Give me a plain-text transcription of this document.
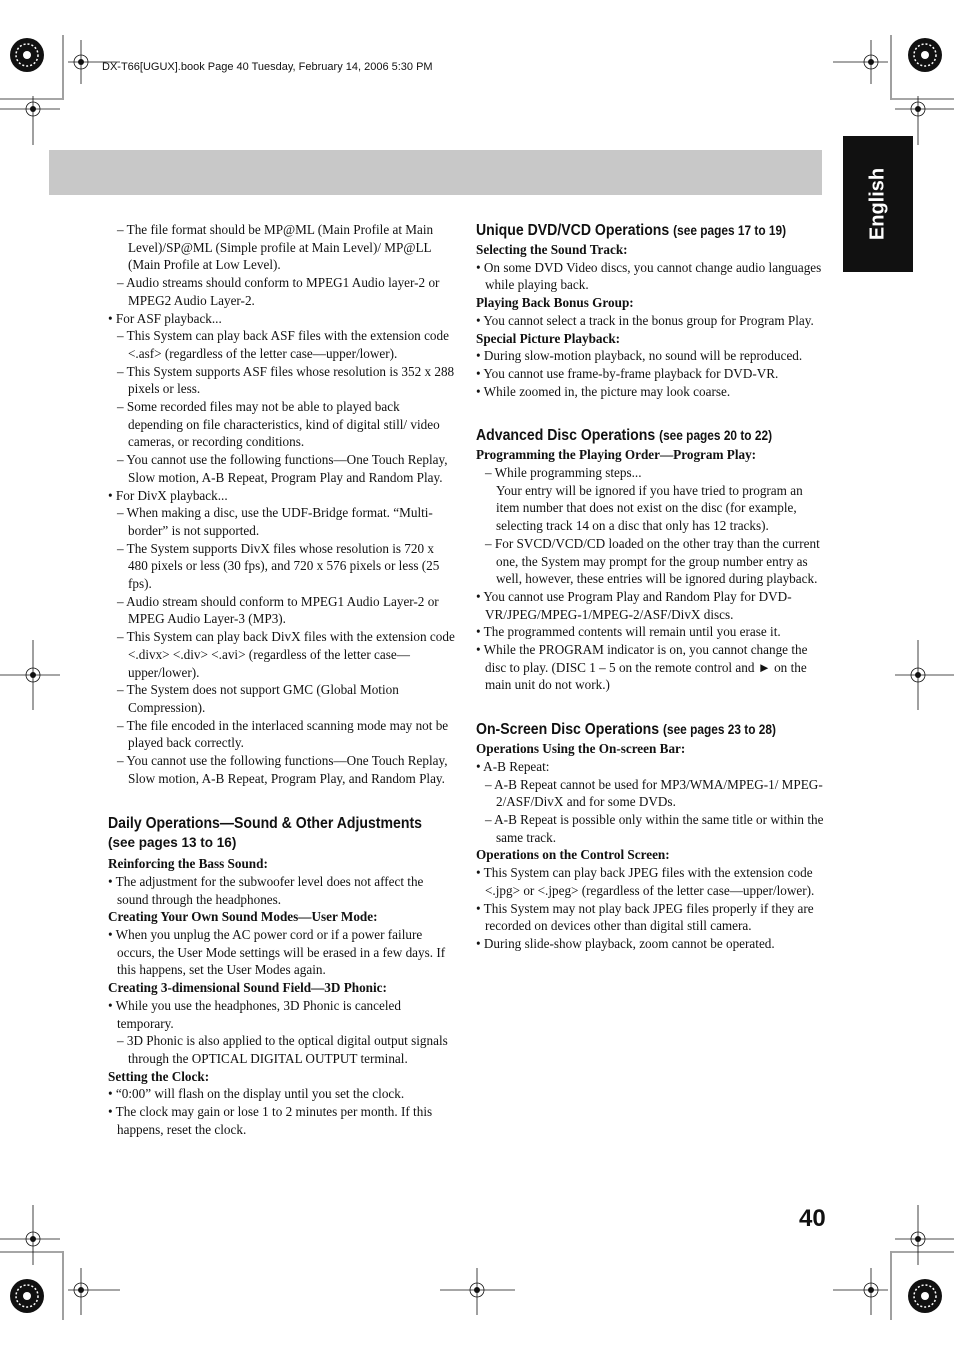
DX-T66[UGUX].book Page 40 Tuesday, February 14, 2006 5:30 PM
English

– The file format should be MP@ML (Main Profile at Main Level)/SP@ML (Simple profile at Main Level)/ MP@LL (Main Profile at Low Level).

– Audio streams should conform to MPEG1 Audio layer-2 or MPEG2 Audio Layer-2.

• For ASF playback...

– This System can play back ASF files with the extension code <.asf> (regardless of the letter case—upper/lower).

– This System supports ASF files whose resolution is 352 x 288 pixels or less.

– Some recorded files may not be able to played back depending on file characteristics, kind of digital still/ video cameras, or recording conditions.

– You cannot use the following functions—One Touch Replay, Slow motion, A-B Repeat, Program Play and Random Play.

• For DivX playback...

– When making a disc, use the UDF-Bridge format. “Multi-border” is not supported.

– The System supports DivX files whose resolution is 720 x 480 pixels or less (30 fps), and 720 x 576 pixels or less (25 fps).

– Audio stream should conform to MPEG1 Audio Layer-2 or MPEG Audio Layer-3 (MP3).

– This System can play back DivX files with the extension code <.divx> <.div> <.avi> (regardless of the letter case—upper/lower).

– The System does not support GMC (Global Motion Compression).

– The file encoded in the interlaced scanning mode may not be played back correctly.

– You cannot use the following functions—One Touch Replay, Slow motion, A-B Repeat, Program Play, and Random Play.

Daily Operations—Sound & Other Adjustments

(see pages 13 to 16)

Reinforcing the Bass Sound:

• The adjustment for the subwoofer level does not affect the sound through the headphones.

Creating Your Own Sound Modes—User Mode:

• When you unplug the AC power cord or if a power failure occurs, the User Mode settings will be erased in a few days. If this happens, set the User Modes again.

Creating 3-dimensional Sound Field—3D Phonic:

• While you use the headphones, 3D Phonic is canceled temporary.

– 3D Phonic is also applied to the optical digital output signals through the OPTICAL DIGITAL OUTPUT terminal.

Setting the Clock:

• “0:00” will flash on the display until you set the clock.

• The clock may gain or lose 1 to 2 minutes per month. If this happens, reset the clock.

Unique DVD/VCD Operations (see pages 17 to 19)

Selecting the Sound Track:

• On some DVD Video discs, you cannot change audio languages while playing back.

Playing Back Bonus Group:

• You cannot select a track in the bonus group for Program Play.

Special Picture Playback:

• During slow-motion playback, no sound will be reproduced.

• You cannot use frame-by-frame playback for DVD-VR.

• While zoomed in, the picture may look coarse.

Advanced Disc Operations (see pages 20 to 22)

Programming the Playing Order—Program Play:

– While programming steps...

Your entry will be ignored if you have tried to program an item number that does not exist on the disc (for example, selecting track 14 on a disc that only has 12 tracks).

– For SVCD/VCD/CD loaded on the other tray than the current one, the System may prompt for the group number entry as well, however, these entries will be ignored during playback.

• You cannot use Program Play and Random Play for DVD-VR/JPEG/MPEG-1/MPEG-2/ASF/DivX discs.

• The programmed contents will remain until you erase it.

• While the PROGRAM indicator is on, you cannot change the disc to play. (DISC 1 – 5 on the remote control and ► on the main unit do not work.)

On-Screen Disc Operations (see pages 23 to 28)

Operations Using the On-screen Bar:

• A-B Repeat:

– A-B Repeat cannot be used for MP3/WMA/MPEG-1/ MPEG-2/ASF/DivX and for some DVDs.

– A-B Repeat is possible only within the same title or within the same track.

Operations on the Control Screen:

• This System can play back JPEG files with the extension code <.jpg> or <.jpeg> (regardless of the letter case—upper/lower).

• This System may not play back JPEG files properly if they are recorded on devices other than digital still camera.

• During slide-show playback, zoom cannot be operated.

40
